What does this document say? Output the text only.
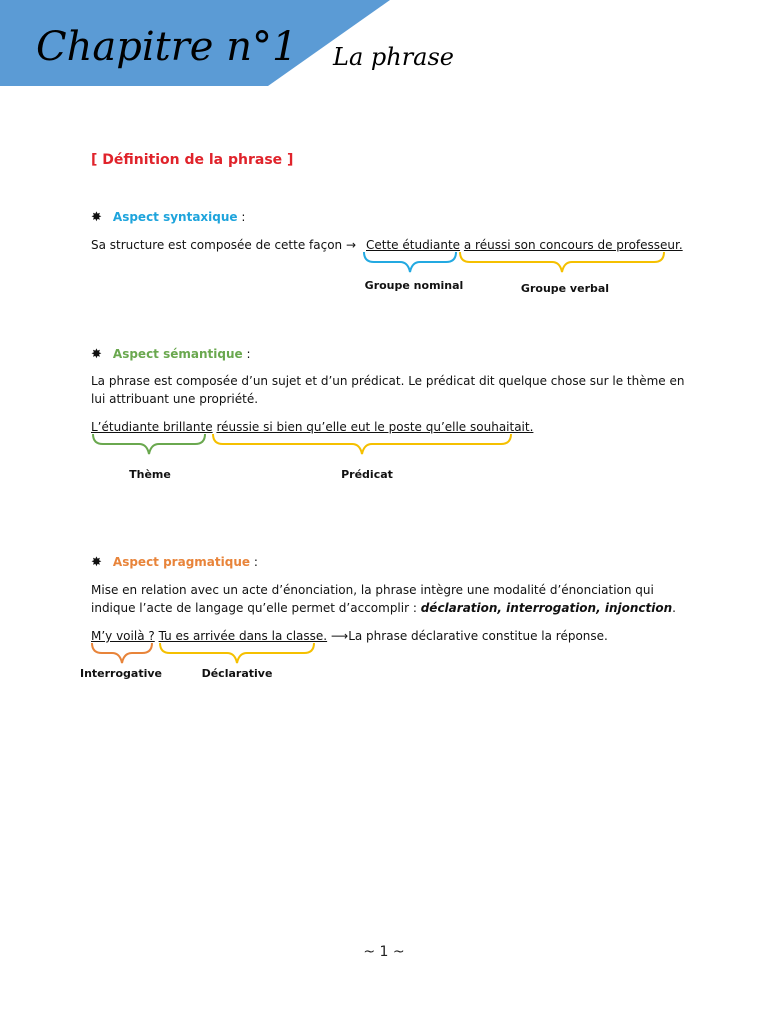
Chapitre n°1 La phrase
[ Définition de la phrase ]
✸ Aspect syntaxique :
Sa structure est composée de cette façon → Cette étudiante a réussi son concours de professeur.
Groupe nominal	Groupe verbal
✸ Aspect sémantique :

La phrase est composée d’un sujet et d’un prédicat. Le prédicat dit quelque chose sur le thème en lui attribuant une propriété.

L’étudiante brillante réussie si bien qu’elle eut le poste qu’elle souhaitait.
Thème	Prédicat
✸ Aspect pragmatique :

Mise en relation avec un acte d’énonciation, la phrase intègre une modalité d’énonciation qui indique l’acte de langage qu’elle permet d’accomplir : déclaration, interrogation, injonction.

M’y voilà ? Tu es arrivée dans la classe. ⟶La phrase déclarative constitue la réponse.
Interrogative	Déclarative
~ 1 ~
